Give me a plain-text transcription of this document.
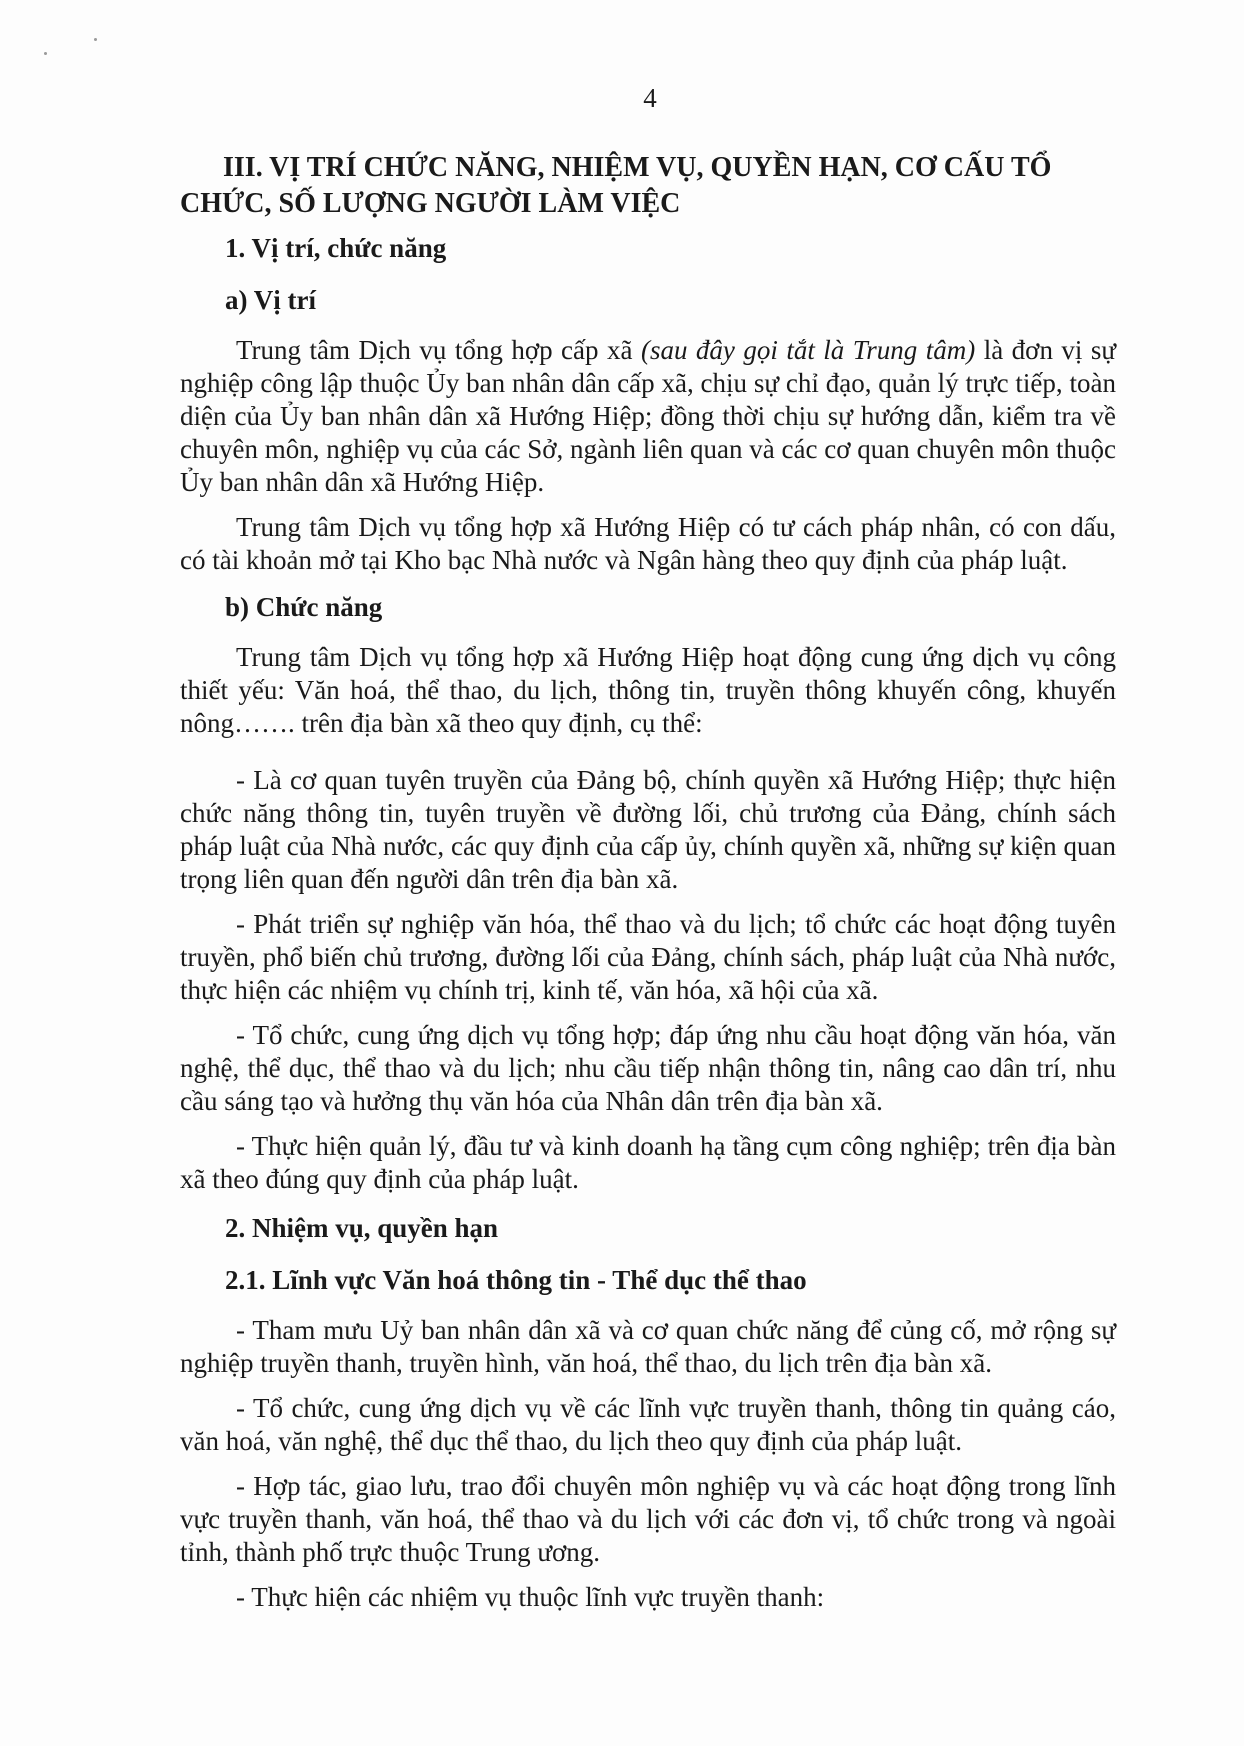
4
III. VỊ TRÍ CHỨC NĂNG, NHIỆM VỤ, QUYỀN HẠN, CƠ CẤU TỔ
CHỨC, SỐ LƯỢNG NGƯỜI LÀM VIỆC
1. Vị trí, chức năng
a) Vị trí

Trung tâm Dịch vụ tổng hợp cấp xã (sau đây gọi tắt là Trung tâm) là đơn vị sự nghiệp công lập thuộc Ủy ban nhân dân cấp xã, chịu sự chỉ đạo, quản lý trực tiếp, toàn diện của Ủy ban nhân dân xã Hướng Hiệp; đồng thời chịu sự hướng dẫn, kiểm tra về chuyên môn, nghiệp vụ của các Sở, ngành liên quan và các cơ quan chuyên môn thuộc Ủy ban nhân dân xã Hướng Hiệp.

Trung tâm Dịch vụ tổng hợp xã Hướng Hiệp có tư cách pháp nhân, có con dấu, có tài khoản mở tại Kho bạc Nhà nước và Ngân hàng theo quy định của pháp luật.

b) Chức năng

Trung tâm Dịch vụ tổng hợp xã Hướng Hiệp hoạt động cung ứng dịch vụ công thiết yếu: Văn hoá, thể thao, du lịch, thông tin, truyền thông khuyến công, khuyến nông……. trên địa bàn xã theo quy định, cụ thể:

- Là cơ quan tuyên truyền của Đảng bộ, chính quyền xã Hướng Hiệp; thực hiện chức năng thông tin, tuyên truyền về đường lối, chủ trương của Đảng, chính sách pháp luật của Nhà nước, các quy định của cấp ủy, chính quyền xã, những sự kiện quan trọng liên quan đến người dân trên địa bàn xã.

- Phát triển sự nghiệp văn hóa, thể thao và du lịch; tổ chức các hoạt động tuyên truyền, phổ biến chủ trương, đường lối của Đảng, chính sách, pháp luật của Nhà nước, thực hiện các nhiệm vụ chính trị, kinh tế, văn hóa, xã hội của xã.

- Tổ chức, cung ứng dịch vụ tổng hợp; đáp ứng nhu cầu hoạt động văn hóa, văn nghệ, thể dục, thể thao và du lịch; nhu cầu tiếp nhận thông tin, nâng cao dân trí, nhu cầu sáng tạo và hưởng thụ văn hóa của Nhân dân trên địa bàn xã.

- Thực hiện quản lý, đầu tư và kinh doanh hạ tầng cụm công nghiệp; trên địa bàn xã theo đúng quy định của pháp luật.

2. Nhiệm vụ, quyền hạn
2.1. Lĩnh vực Văn hoá thông tin - Thể dục thể thao

- Tham mưu Uỷ ban nhân dân xã và cơ quan chức năng để củng cố, mở rộng sự nghiệp truyền thanh, truyền hình, văn hoá, thể thao, du lịch trên địa bàn xã.

- Tổ chức, cung ứng dịch vụ về các lĩnh vực truyền thanh, thông tin quảng cáo, văn hoá, văn nghệ, thể dục thể thao, du lịch theo quy định của pháp luật.

- Hợp tác, giao lưu, trao đổi chuyên môn nghiệp vụ và các hoạt động trong lĩnh vực truyền thanh, văn hoá, thể thao và du lịch với các đơn vị, tổ chức trong và ngoài tỉnh, thành phố trực thuộc Trung ương.

- Thực hiện các nhiệm vụ thuộc lĩnh vực truyền thanh:
